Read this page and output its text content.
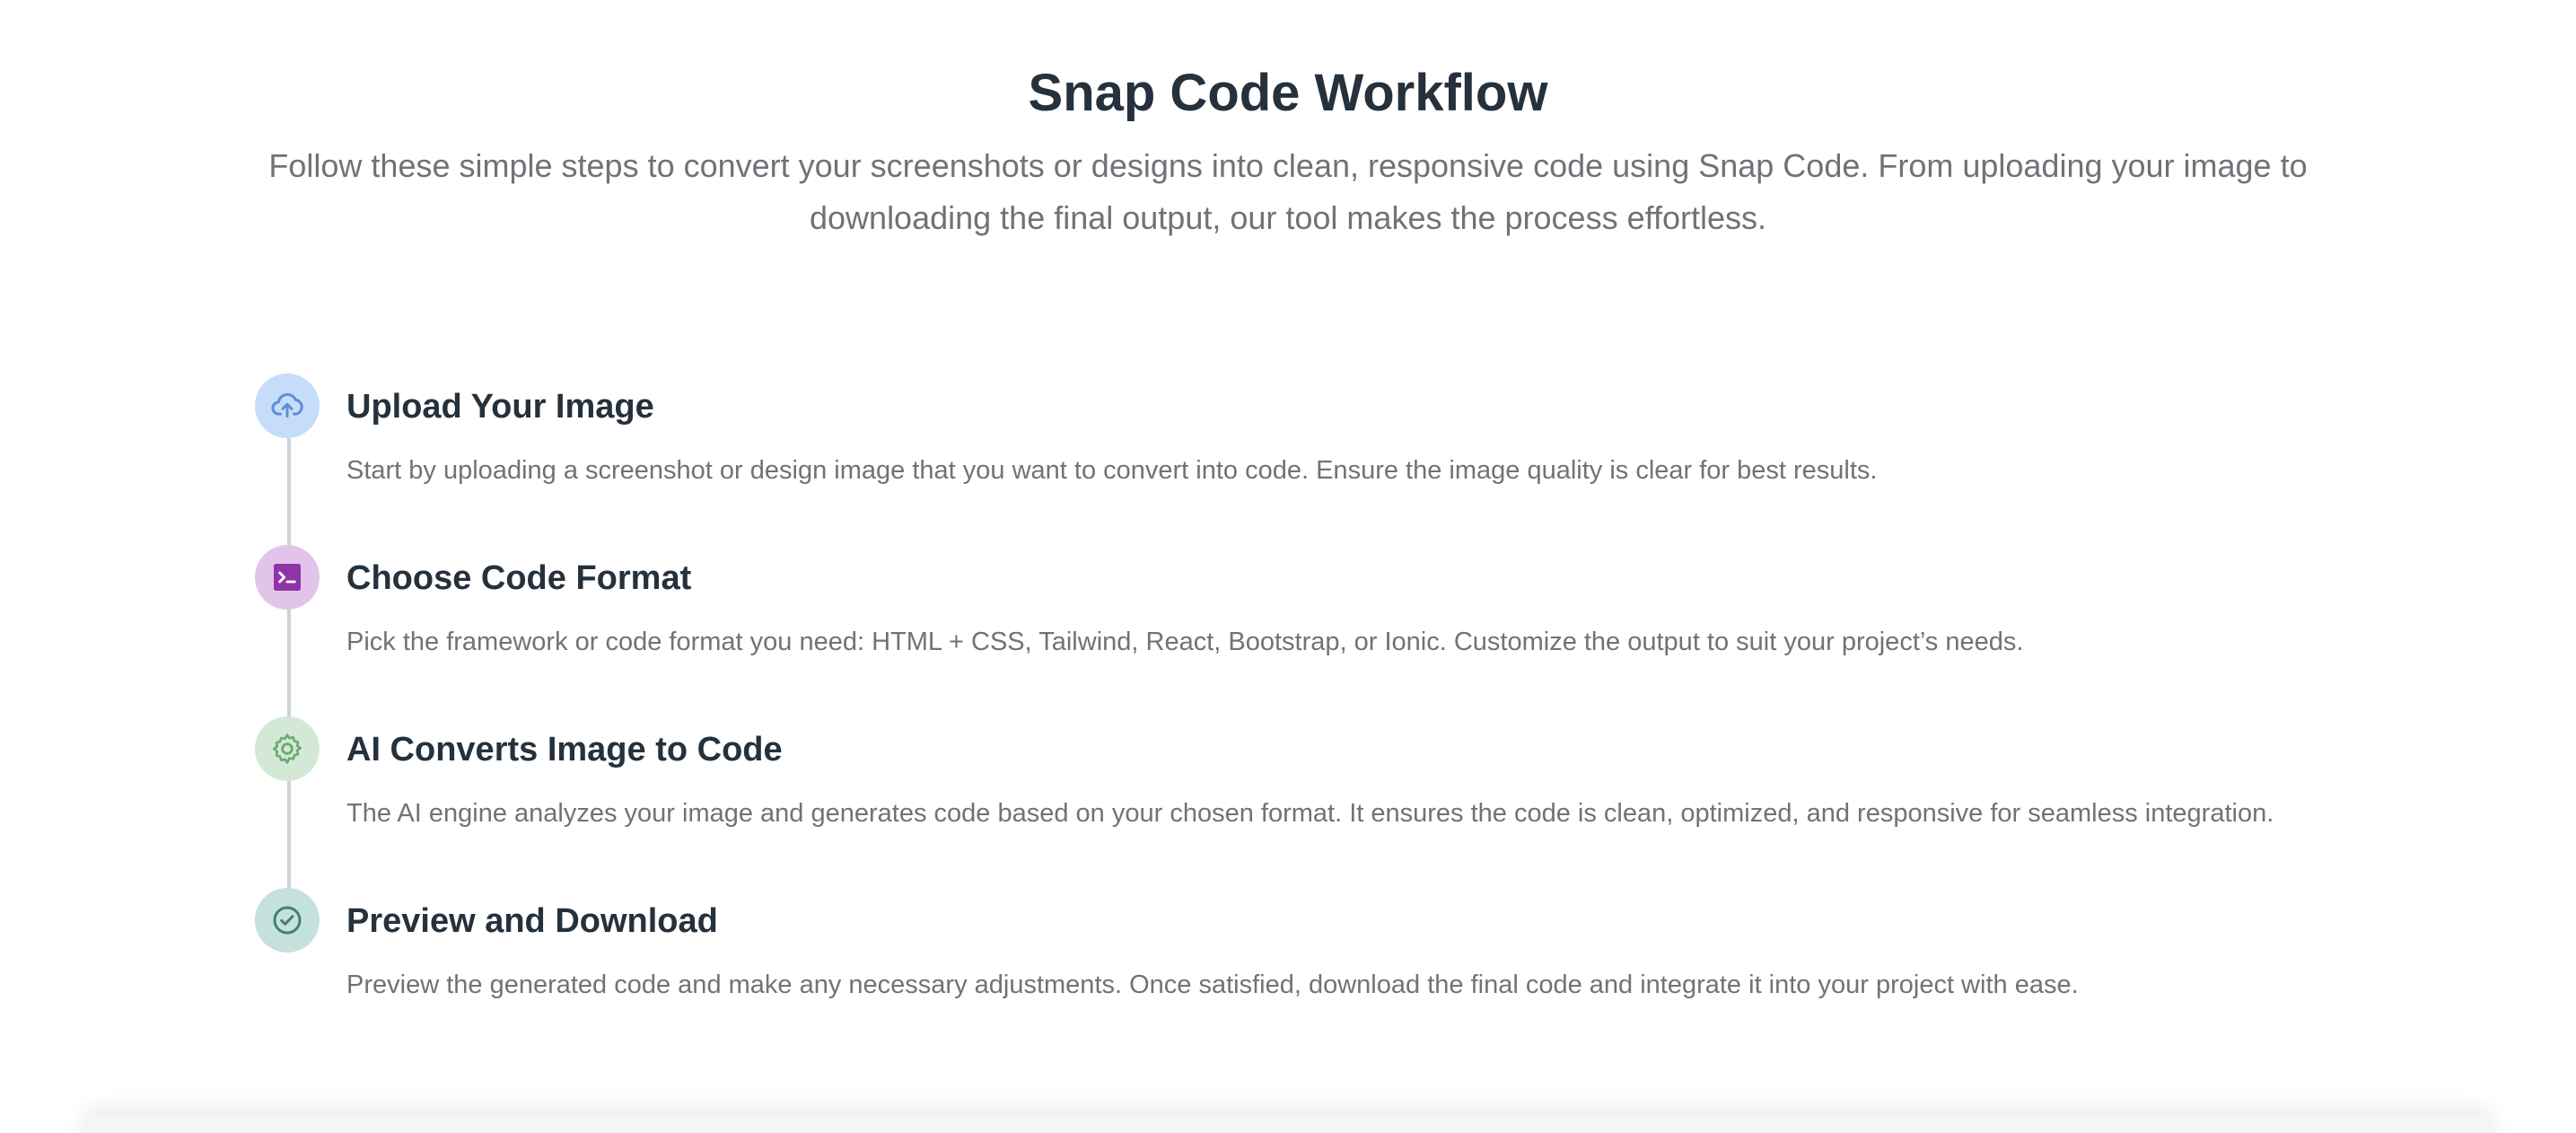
Snap Code Workflow

Follow these simple steps to convert your screenshots or designs into clean, responsive code using Snap Code. From uploading your image to downloading the final output, our tool makes the process effortless.

Upload Your Image

Start by uploading a screenshot or design image that you want to convert into code. Ensure the image quality is clear for best results.

Choose Code Format

Pick the framework or code format you need: HTML + CSS, Tailwind, React, Bootstrap, or Ionic. Customize the output to suit your project’s needs.

AI Converts Image to Code

The AI engine analyzes your image and generates code based on your chosen format. It ensures the code is clean, optimized, and responsive for seamless integration.

Preview and Download

Preview the generated code and make any necessary adjustments. Once satisfied, download the final code and integrate it into your project with ease.
